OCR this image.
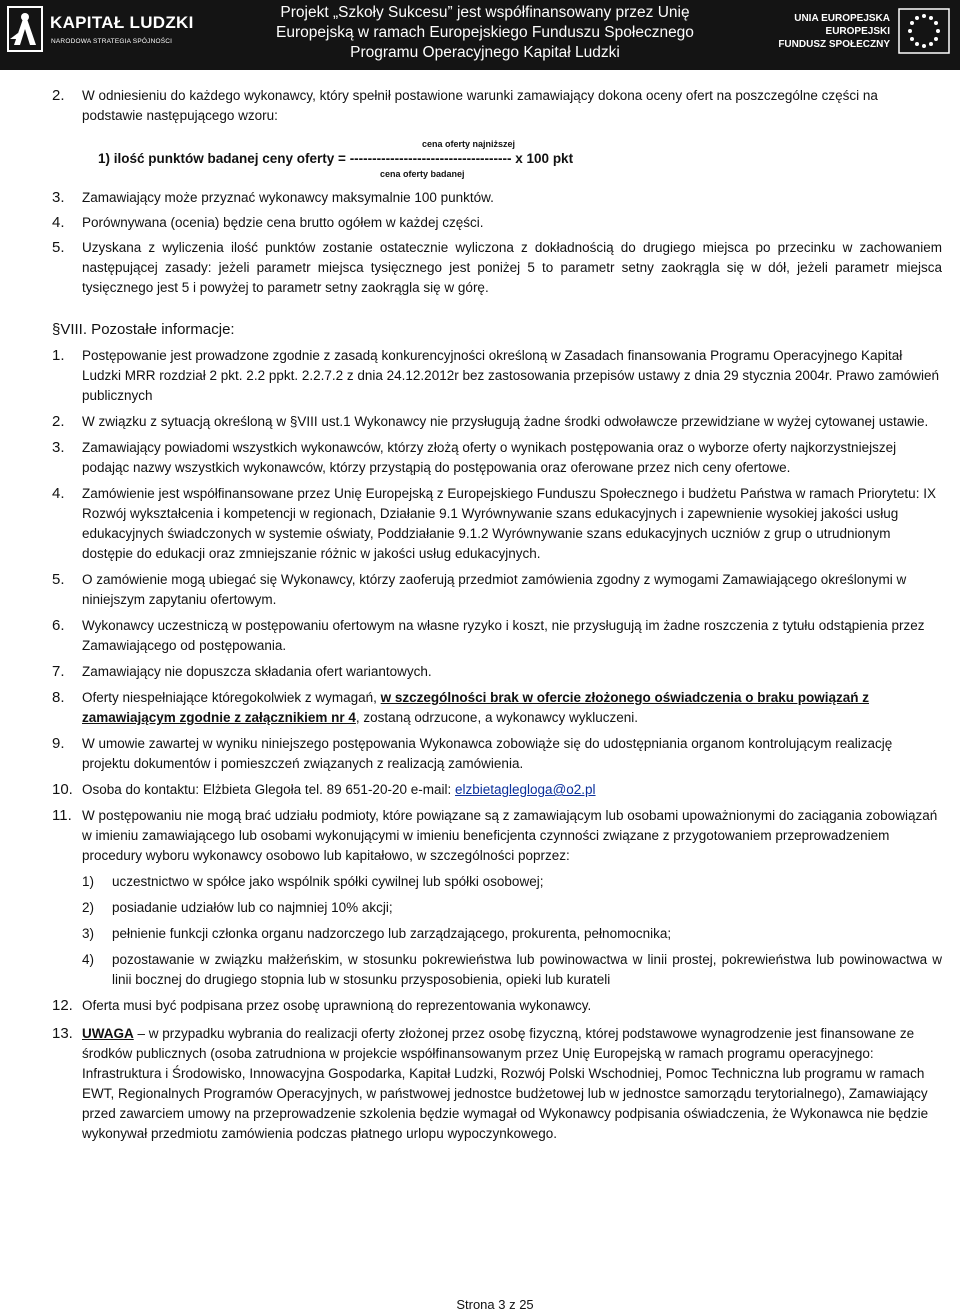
KAPITAŁ LUDZKI
NARODOWA STRATEGIA SPÓJNOŚCI
Projekt „Szkoły Sukcesu” jest współfinansowany przez Unię
Europejską w ramach Europejskiego Funduszu Społecznego
Programu Operacyjnego Kapitał Ludzki
UNIA EUROPEJSKA
EUROPEJSKI
FUNDUSZ SPOŁECZNY
2.	W odniesieniu do każdego wykonawcy, który spełnił postawione warunki zamawiający dokona oceny ofert na poszczególne części na podstawie następującego wzoru:
cena oferty najniższej
1) ilość punktów badanej ceny oferty = ------------------------------------ x 100 pkt
cena oferty badanej
3.	Zamawiający może przyznać wykonawcy maksymalnie 100 punktów.
4.	Porównywana (ocenia) będzie cena brutto ogółem w każdej części.
5.	Uzyskana z wyliczenia ilość punktów zostanie ostatecznie wyliczona z dokładnością do drugiego miejsca po przecinku w zachowaniem następującej zasady: jeżeli parametr miejsca tysięcznego jest poniżej 5 to parametr setny zaokrągla się w dół, jeżeli parametr miejsca tysięcznego jest 5 i powyżej to parametr setny zaokrągla się w górę.
§VIII. Pozostałe informacje:
1.	Postępowanie jest prowadzone zgodnie z zasadą konkurencyjności określoną w Zasadach finansowania Programu Operacyjnego Kapitał Ludzki MRR rozdział 2 pkt. 2.2 ppkt. 2.2.7.2 z dnia 24.12.2012r bez zastosowania przepisów ustawy z dnia 29 stycznia 2004r. Prawo zamówień publicznych
2.	W związku z sytuacją określoną w §VIII ust.1 Wykonawcy nie przysługują żadne środki odwoławcze przewidziane w wyżej cytowanej ustawie.
3.	Zamawiający powiadomi wszystkich wykonawców, którzy złożą oferty o wynikach postępowania oraz o wyborze oferty najkorzystniejszej podając nazwy wszystkich wykonawców, którzy przystąpią do postępowania oraz oferowane przez nich ceny ofertowe.
4.	Zamówienie jest współfinansowane przez Unię Europejską z Europejskiego Funduszu Społecznego i budżetu Państwa w ramach Priorytetu: IX Rozwój wykształcenia i kompetencji w regionach, Działanie 9.1 Wyrównywanie szans edukacyjnych i zapewnienie wysokiej jakości usług edukacyjnych świadczonych w systemie oświaty, Poddziałanie 9.1.2 Wyrównywanie szans edukacyjnych uczniów z grup o utrudnionym dostępie do edukacji oraz zmniejszanie różnic w jakości usług edukacyjnych.
5.	O zamówienie mogą ubiegać się Wykonawcy, którzy zaoferują przedmiot zamówienia zgodny z wymogami Zamawiającego określonymi w niniejszym zapytaniu ofertowym.
6.	Wykonawcy uczestniczą w postępowaniu ofertowym na własne ryzyko i koszt, nie przysługują im żadne roszczenia z tytułu odstąpienia przez Zamawiającego od postępowania.
7.	Zamawiający nie dopuszcza składania ofert wariantowych.
8.	Oferty niespełniające któregokolwiek z wymagań, w szczególności brak w ofercie złożonego oświadczenia o braku powiązań z zamawiającym zgodnie z załącznikiem nr 4, zostaną odrzucone, a wykonawcy wykluczeni.
9.	W umowie zawartej w wyniku niniejszego postępowania Wykonawca zobowiąże się do udostępniania organom kontrolującym realizację projektu dokumentów i pomieszczeń związanych z realizacją zamówienia.
10. Osoba do kontaktu: Elżbieta Glegoła tel. 89 651-20-20 e-mail: elzbietaglegloga@o2.pl
11. W postępowaniu nie mogą brać udziału podmioty, które powiązane są z zamawiającym lub osobami upoważnionymi do zaciągania zobowiązań w imieniu zamawiającego lub osobami wykonującymi w imieniu beneficjenta czynności związane z przygotowaniem przeprowadzeniem procedury wyboru wykonawcy osobowo lub kapitałowo, w szczególności poprzez:
1)	uczestnictwo w spółce jako wspólnik spółki cywilnej lub spółki osobowej;
2)	posiadanie udziałów lub co najmniej 10% akcji;
3)	pełnienie funkcji członka organu nadzorczego lub zarządzającego, prokurenta, pełnomocnika;
4)	pozostawanie w związku małżeńskim, w stosunku pokrewieństwa lub powinowactwa w linii prostej, pokrewieństwa lub powinowactwa w linii bocznej do drugiego stopnia lub w stosunku przysposobienia, opieki lub kurateli
12. Oferta musi być podpisana przez osobę uprawnioną do reprezentowania wykonawcy.
13. UWAGA – w przypadku wybrania do realizacji oferty złożonej przez osobę fizyczną, której podstawowe wynagrodzenie jest finansowane ze środków publicznych (osoba zatrudniona w projekcie współfinansowanym przez Unię Europejską w ramach programu operacyjnego: Infrastruktura i Środowisko, Innowacyjna Gospodarka, Kapitał Ludzki, Rozwój Polski Wschodniej, Pomoc Techniczna lub programu w ramach EWT, Regionalnych Programów Operacyjnych, w państwowej jednostce budżetowej lub w jednostce samorządu terytorialnego), Zamawiający przed zawarciem umowy na przeprowadzenie szkolenia będzie wymagał od Wykonawcy podpisania oświadczenia, że Wykonawca nie będzie wykonywał przedmiotu zamówienia podczas płatnego urlopu wypoczynkowego.
Strona 3 z 25
